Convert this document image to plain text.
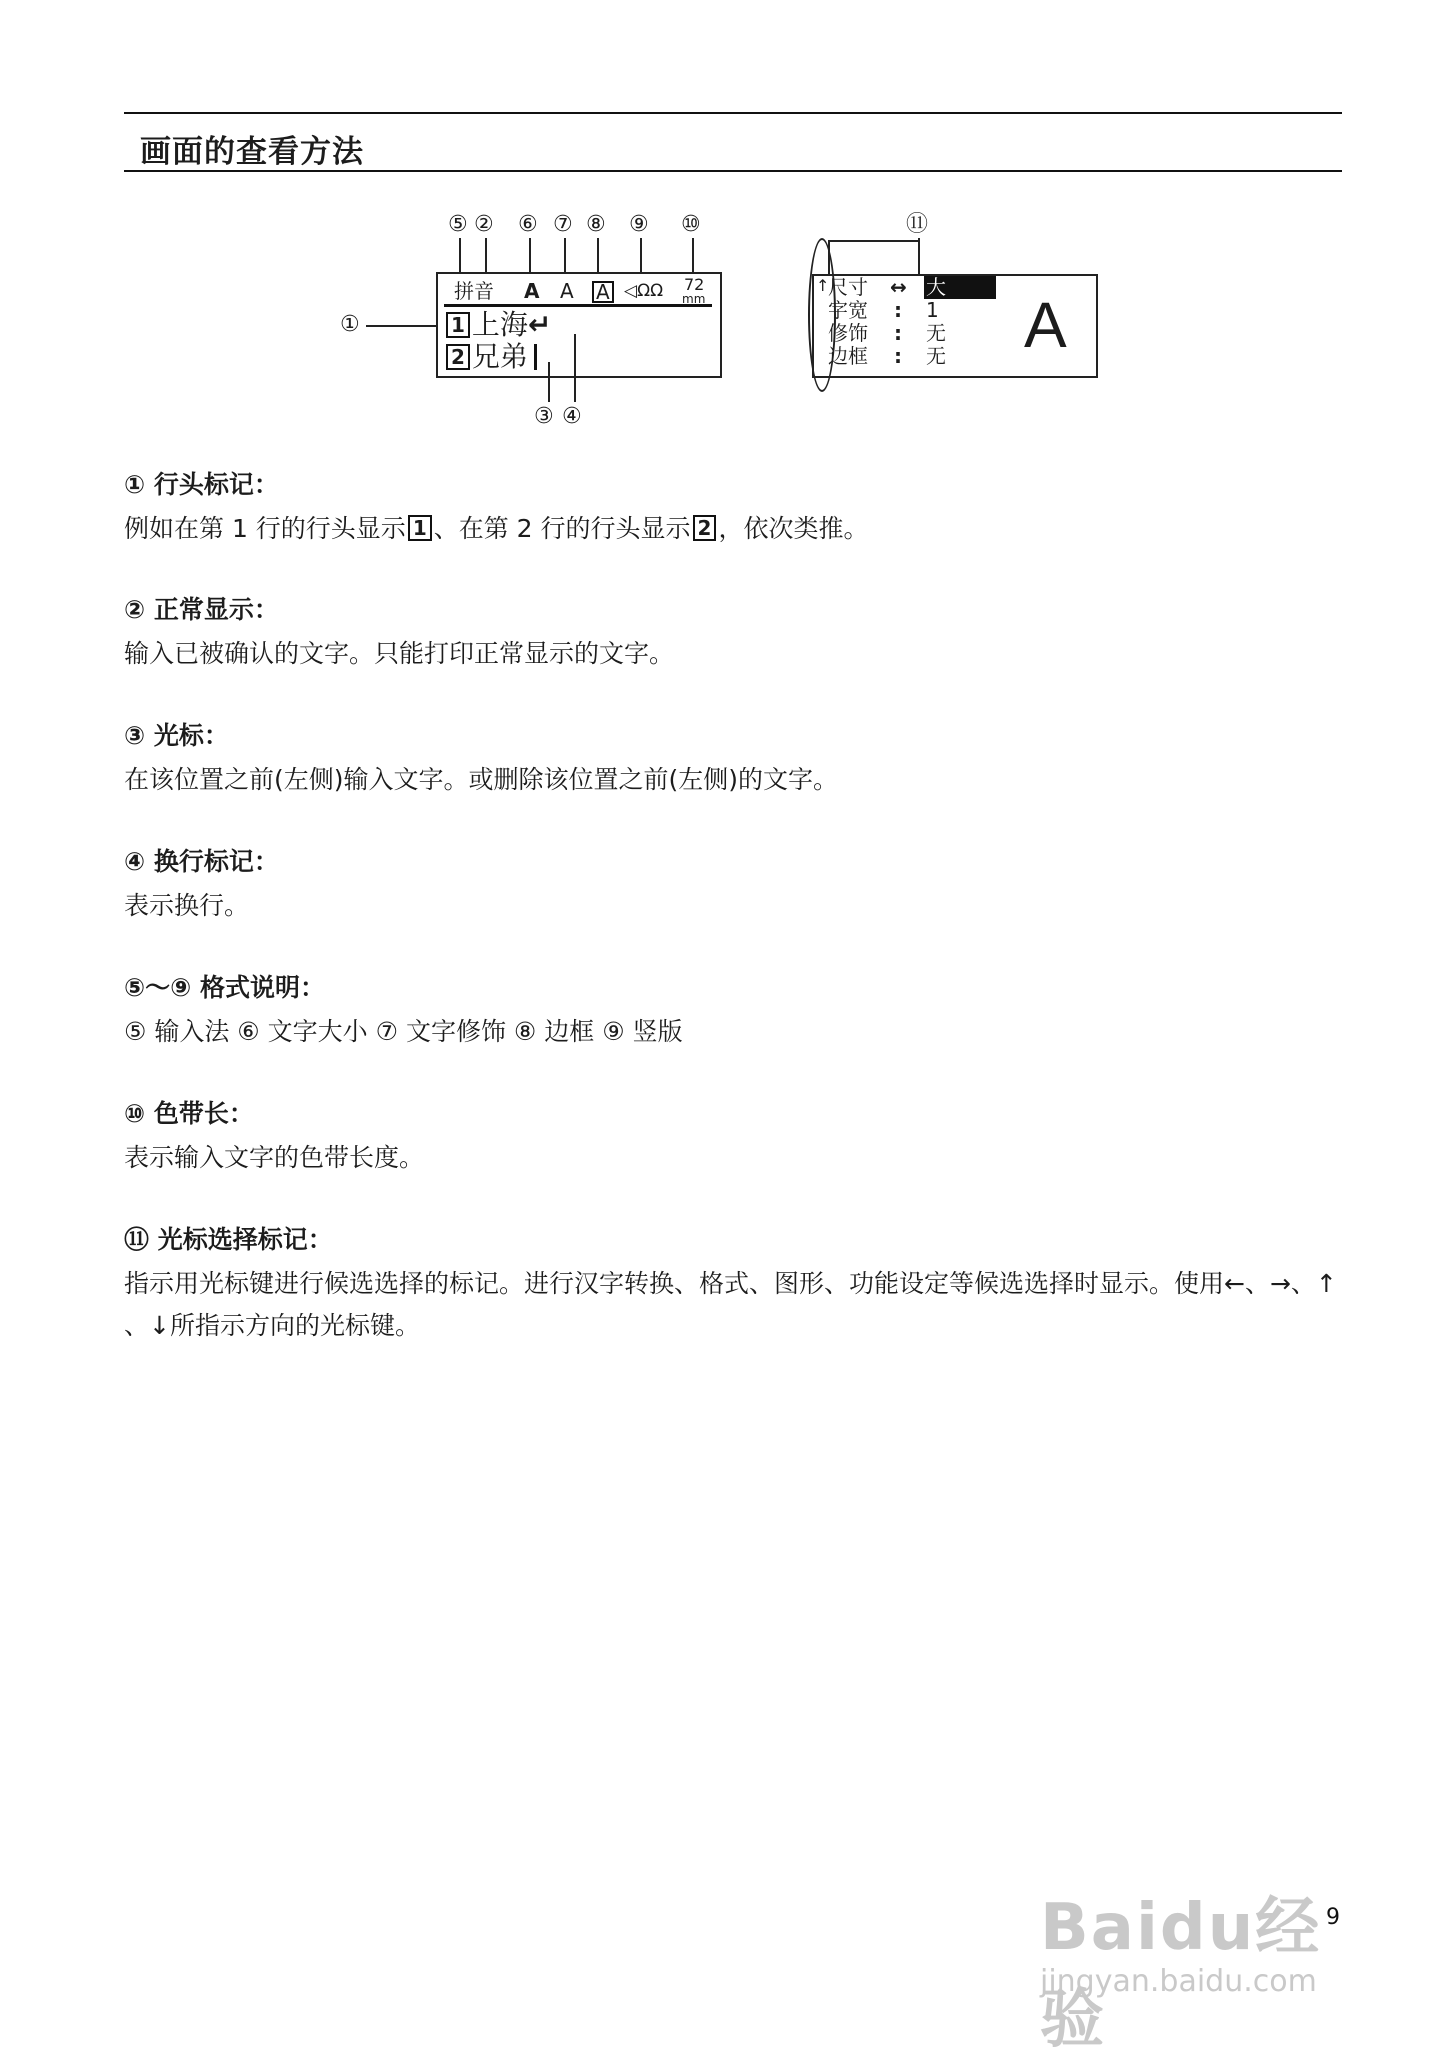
画面的查看方法
⑤ ② ⑥ ⑦ ⑧ ⑨ ⑩
①
拼音 A A A ◁ΩΩ 72
mm
1 上海↵
2 兄弟
③ ④
⑪
↑
尺寸 ↔ 大
字宽 : 1
修饰 : 无
边框 : 无 A
① 行头标记：

例如在第 1 行的行头显示 1 、在第 2 行的行头显示 2 ，依次类推。

② 正常显示：

输入已被确认的文字。只能打印正常显示的文字。

③ 光标：

在该位置之前(左侧)输入文字。或删除该位置之前(左侧)的文字。

④ 换行标记：

表示换行。

⑤～⑨ 格式说明：

⑤ 输入法 ⑥ 文字大小 ⑦ 文字修饰 ⑧ 边框 ⑨ 竖版

⑩ 色带长：

表示输入文字的色带长度。

⑪ 光标选择标记：

指示用光标键进行候选选择的标记。进行汉字转换、格式、图形、功能设定等候选选择时显示。使用←、→、↑ 、↓所指示方向的光标键。

Baidu经验
jingyan.baidu.com
9
